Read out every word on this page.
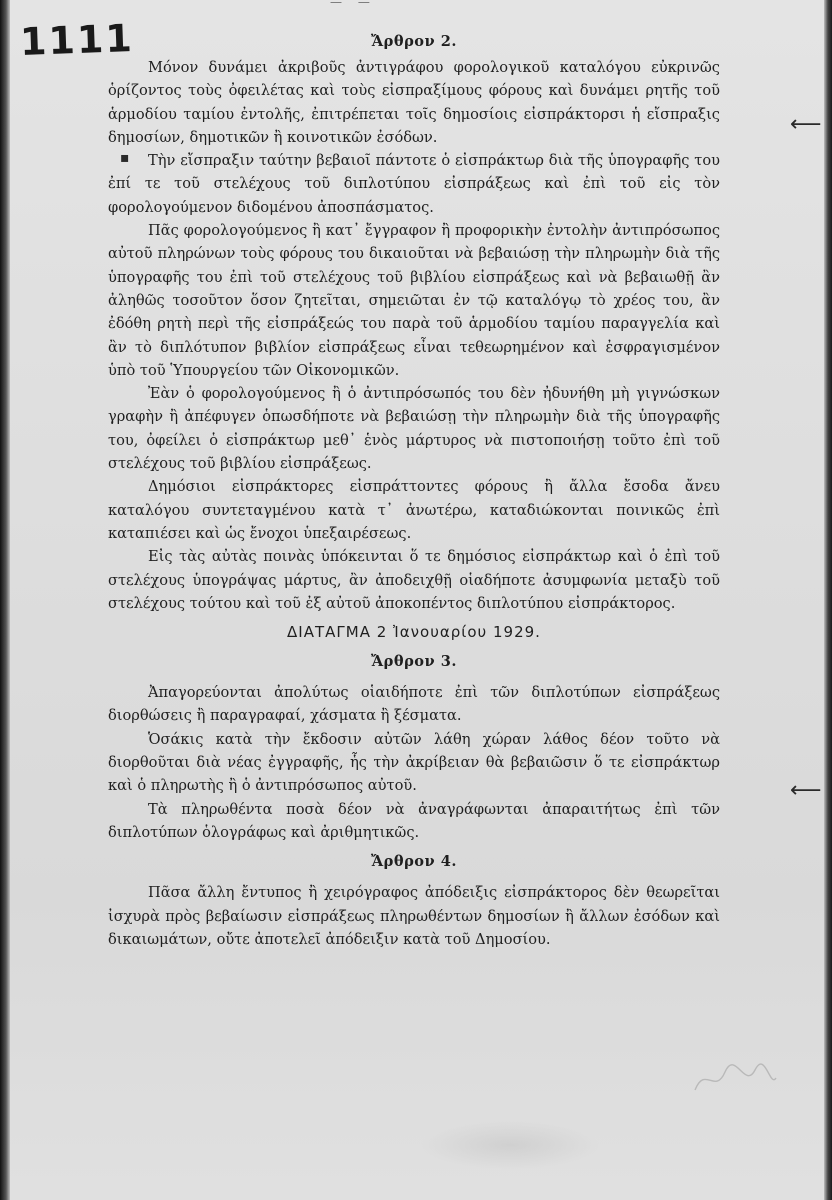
— —
1111
⟵
⟵
▪
Ἄρθρον 2.

Μόνον δυνάμει ἀκριβοῦς ἀντιγράφου φορολογικοῦ καταλόγου εὐκρινῶς ὁρίζοντος τοὺς ὀφειλέτας καὶ τοὺς εἰσπραξίμους φόρους καὶ δυνάμει ρητῆς τοῦ ἁρμοδίου ταμίου ἐντολῆς, ἐπιτρέπεται τοῖς δημοσίοις εἰσπράκτορσι ἡ εἴσπραξις δημοσίων, δημοτικῶν ἢ κοινοτικῶν ἐσόδων.

Τὴν εἴσπραξιν ταύτην βεβαιοῖ πάντοτε ὁ εἰσπράκτωρ διὰ τῆς ὑπογραφῆς του ἐπί τε τοῦ στελέχους τοῦ διπλοτύπου εἰσπράξεως καὶ ἐπὶ τοῦ εἰς τὸν φορολογούμενον διδομένου ἀποσπάσματος.

Πᾶς φορολογούμενος ἢ κατ᾽ ἔγγραφον ἢ προφορικὴν ἐντολὴν ἀντιπρόσωπος αὐτοῦ πληρώνων τοὺς φόρους του δικαιοῦται νὰ βεβαιώσῃ τὴν πληρωμὴν διὰ τῆς ὑπογραφῆς του ἐπὶ τοῦ στελέχους τοῦ βιβλίου εἰσπράξεως καὶ νὰ βεβαιωθῇ ἂν ἀληθῶς τοσοῦτον ὅσον ζητεῖται, σημειῶται ἐν τῷ καταλόγῳ τὸ χρέος του, ἂν ἐδόθη ρητὴ περὶ τῆς εἰσπράξεώς του παρὰ τοῦ ἁρμοδίου ταμίου παραγγελία καὶ ἂν τὸ διπλότυπον βιβλίον εἰσπράξεως εἶναι τεθεωρημένον καὶ ἐσφραγισμένον ὑπὸ τοῦ Ὑπουργείου τῶν Οἰκονομικῶν.

Ἐὰν ὁ φορολογούμενος ἢ ὁ ἀντιπρόσωπός του δὲν ἠδυνήθη μὴ γιγνώσκων γραφὴν ἢ ἀπέφυγεν ὁπωσδήποτε νὰ βεβαιώσῃ τὴν πληρωμὴν διὰ τῆς ὑπογραφῆς του, ὀφείλει ὁ εἰσπράκτωρ μεθ᾽ ἑνὸς μάρτυρος νὰ πιστοποιήσῃ τοῦτο ἐπὶ τοῦ στελέχους τοῦ βιβλίου εἰσπράξεως.

Δημόσιοι εἰσπράκτορες εἰσπράττοντες φόρους ἢ ἄλλα ἔσοδα ἄνευ καταλόγου συντεταγμένου κατὰ τ᾽ ἀνωτέρω, καταδιώκονται ποινικῶς ἐπὶ καταπιέσει καὶ ὡς ἔνοχοι ὑπεξαιρέσεως.

Εἰς τὰς αὐτὰς ποινὰς ὑπόκεινται ὅ τε δημόσιος εἰσπράκτωρ καὶ ὁ ἐπὶ τοῦ στελέχους ὑπογράψας μάρτυς, ἂν ἀποδειχθῇ οἱαδήποτε ἀσυμφωνία μεταξὺ τοῦ στελέχους τούτου καὶ τοῦ ἐξ αὐτοῦ ἀποκοπέντος διπλοτύπου εἰσπράκτορος.

ΔΙΑΤΑΓΜΑ 2 Ἰανουαρίου 1929.
Ἄρθρον 3.

Ἀπαγορεύονται ἀπολύτως οἱαιδήποτε ἐπὶ τῶν διπλοτύπων εἰσπράξεως διορθώσεις ἢ παραγραφαί, χάσματα ἢ ξέσματα.

Ὁσάκις κατὰ τὴν ἔκδοσιν αὐτῶν λάθη χώραν λάθος δέον τοῦτο νὰ διορθοῦται διὰ νέας ἐγγραφῆς, ἧς τὴν ἀκρίβειαν θὰ βεβαιῶσιν ὅ τε εἰσπράκτωρ καὶ ὁ πληρωτὴς ἢ ὁ ἀντιπρόσωπος αὐτοῦ.

Τὰ πληρωθέντα ποσὰ δέον νὰ ἀναγράφωνται ἀπαραιτήτως ἐπὶ τῶν διπλοτύπων ὁλογράφως καὶ ἀριθμητικῶς.

Ἄρθρον 4.

Πᾶσα ἄλλη ἔντυπος ἢ χειρόγραφος ἀπόδειξις εἰσπράκτορος δὲν θεωρεῖται ἰσχυρὰ πρὸς βεβαίωσιν εἰσπράξεως πληρωθέντων δημοσίων ἢ ἄλλων ἐσόδων καὶ δικαιωμάτων, οὔτε ἀποτελεῖ ἀπόδειξιν κατὰ τοῦ Δημοσίου.
